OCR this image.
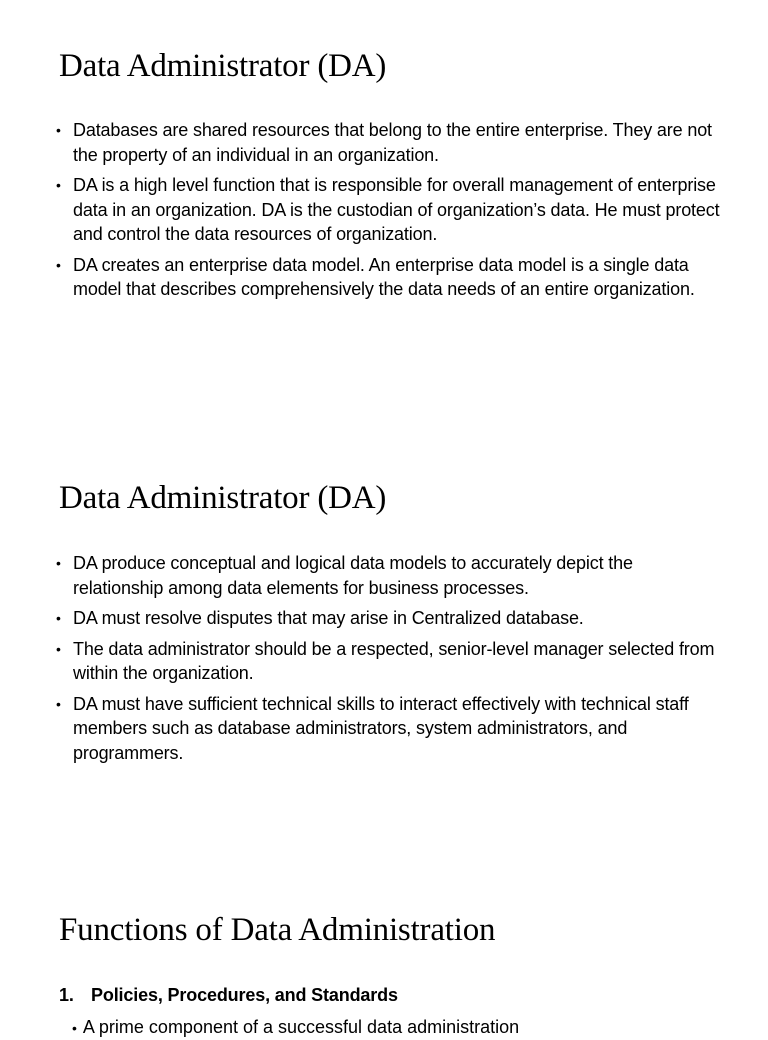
Data Administrator (DA)
• Databases are shared resources that belong to the entire enterprise. They are not the property of an individual in an organization.
• DA is a high level function that is responsible for overall management of enterprise data in an organization. DA is the custodian of organization’s data. He must protect and control the data resources of organization.
• DA creates an enterprise data model. An enterprise data model is a single data model that describes comprehensively the data needs of an entire organization.
Data Administrator (DA)
• DA produce conceptual and logical data models to accurately depict the relationship among data elements for business processes.
• DA must resolve disputes that may arise in Centralized database.
• The data administrator should be a respected, senior-level manager selected from within the organization.
• DA must have sufficient technical skills to interact effectively with technical staff members such as database administrators, system administrators, and programmers.
Functions of Data Administration

1. Policies, Procedures, and Standards

• A prime component of a successful data administration
